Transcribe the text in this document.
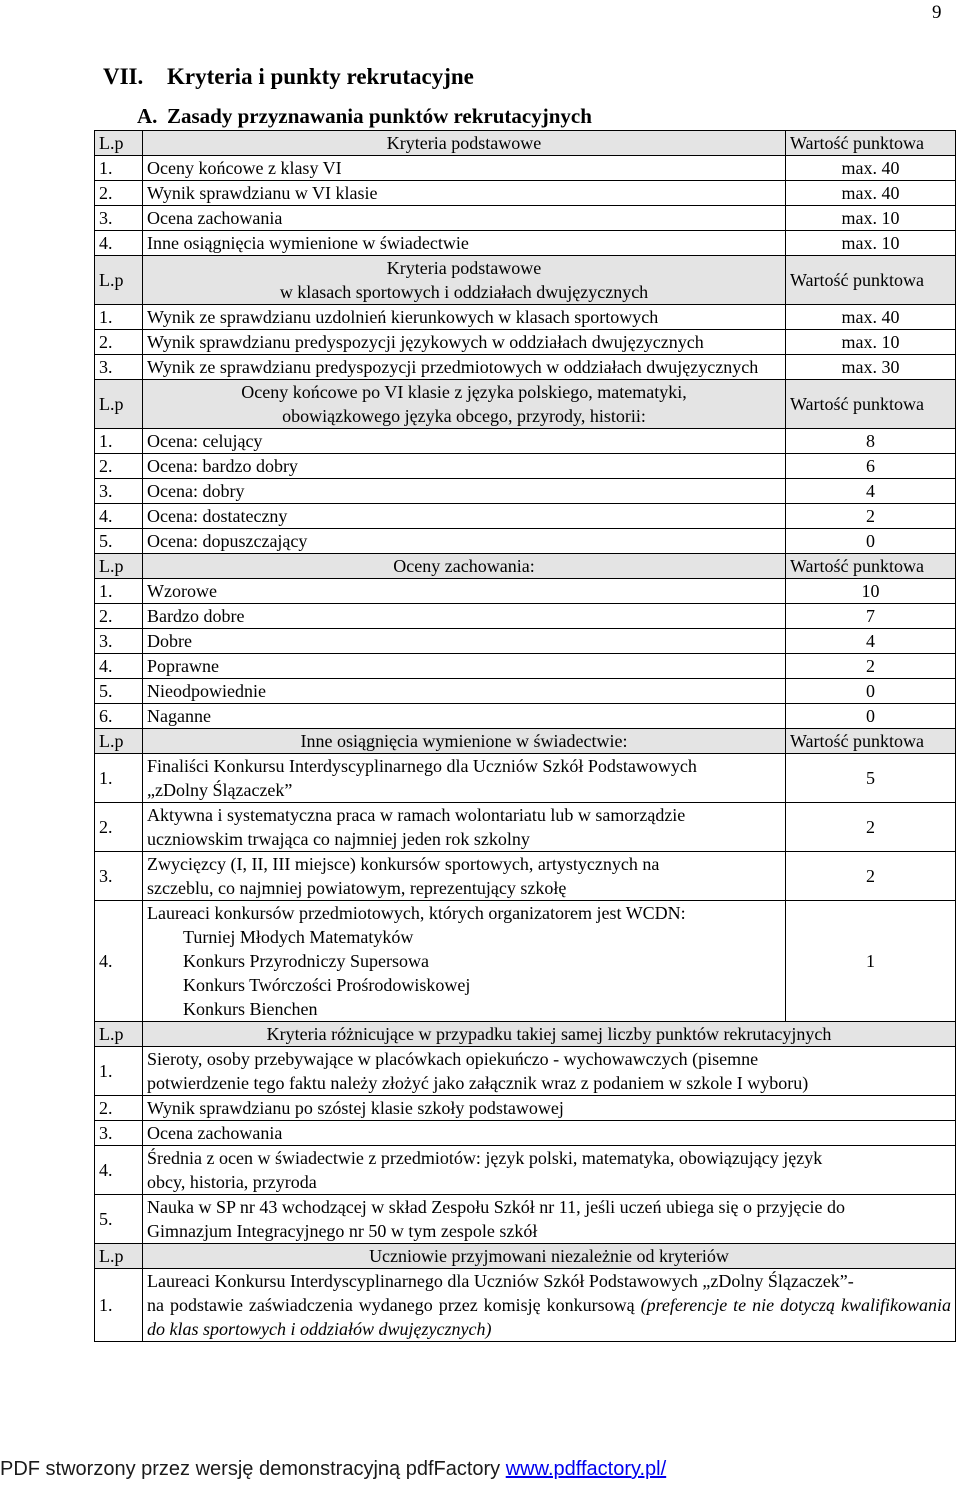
9
VII. Kryteria i punkty rekrutacyjne
A. Zasady przyznawania punktów rekrutacyjnych
L.p	Kryteria podstawowe	Wartość punktowa
1.	Oceny końcowe z klasy VI	max. 40
2.	Wynik sprawdzianu w VI klasie	max. 40
3.	Ocena zachowania	max. 10
4.	Inne osiągnięcia wymienione w świadectwie	max. 10
L.p	Kryteria podstawowe
w klasach sportowych i oddziałach dwujęzycznych	Wartość punktowa
1.	Wynik ze sprawdzianu uzdolnień kierunkowych w klasach sportowych	max. 40
2.	Wynik sprawdzianu predyspozycji językowych w oddziałach dwujęzycznych	max. 10
3.	Wynik ze sprawdzianu predyspozycji przedmiotowych w oddziałach dwujęzycznych	max. 30
L.p	Oceny końcowe po VI klasie z języka polskiego, matematyki,
obowiązkowego języka obcego, przyrody, historii:	Wartość punktowa
1.	Ocena: celujący	8
2.	Ocena: bardzo dobry	6
3.	Ocena: dobry	4
4.	Ocena: dostateczny	2
5.	Ocena: dopuszczający	0
L.p	Oceny zachowania:	Wartość punktowa
1.	Wzorowe	10
2.	Bardzo dobre	7
3.	Dobre	4
4.	Poprawne	2
5.	Nieodpowiednie	0
6.	Naganne	0
L.p	Inne osiągnięcia wymienione w świadectwie:	Wartość punktowa
1.	Finaliści Konkursu Interdyscyplinarnego dla Uczniów Szkół Podstawowych
„zDolny Ślązaczek”	5
2.	Aktywna i systematyczna praca w ramach wolontariatu lub w samorządzie
uczniowskim trwająca co najmniej jeden rok szkolny	2
3.	Zwycięzcy (I, II, III miejsce) konkursów sportowych, artystycznych na
szczeblu, co najmniej powiatowym, reprezentujący szkołę	2
4.	Laureaci konkursów przedmiotowych, których organizatorem jest WCDN:
Turniej Młodych Matematyków
Konkurs Przyrodniczy Supersowa
Konkurs Twórczości Prośrodowiskowej
Konkurs Bienchen	1
L.p	Kryteria różnicujące w przypadku takiej samej liczby punktów rekrutacyjnych	
1.	Sieroty, osoby przebywające w placówkach opiekuńczo - wychowawczych (pisemne
potwierdzenie tego faktu należy złożyć jako załącznik wraz z podaniem w szkole I wyboru)	

2.	Wynik sprawdzianu po szóstej klasie szkoły podstawowej	

3.	Ocena zachowania	

4.	Średnia z ocen w świadectwie z przedmiotów: język polski, matematyka, obowiązujący język
obcy, historia, przyroda	

5.	Nauka w SP nr 43 wchodzącej w skład Zespołu Szkół nr 11, jeśli uczeń ubiega się o przyjęcie do
Gimnazjum Integracyjnego nr 50 w tym zespole szkół	

L.p	Uczniowie przyjmowani niezależnie od kryteriów	
1.	Laureaci Konkursu Interdyscyplinarnego dla Uczniów Szkół Podstawowych „zDolny Ślązaczek”-
na podstawie zaświadczenia wydanego przez komisję konkursową (preferencje te nie dotyczą kwalifikowania do klas sportowych i oddziałów dwujęzycznych)	
PDF stworzony przez wersję demonstracyjną pdfFactory www.pdffactory.pl/
